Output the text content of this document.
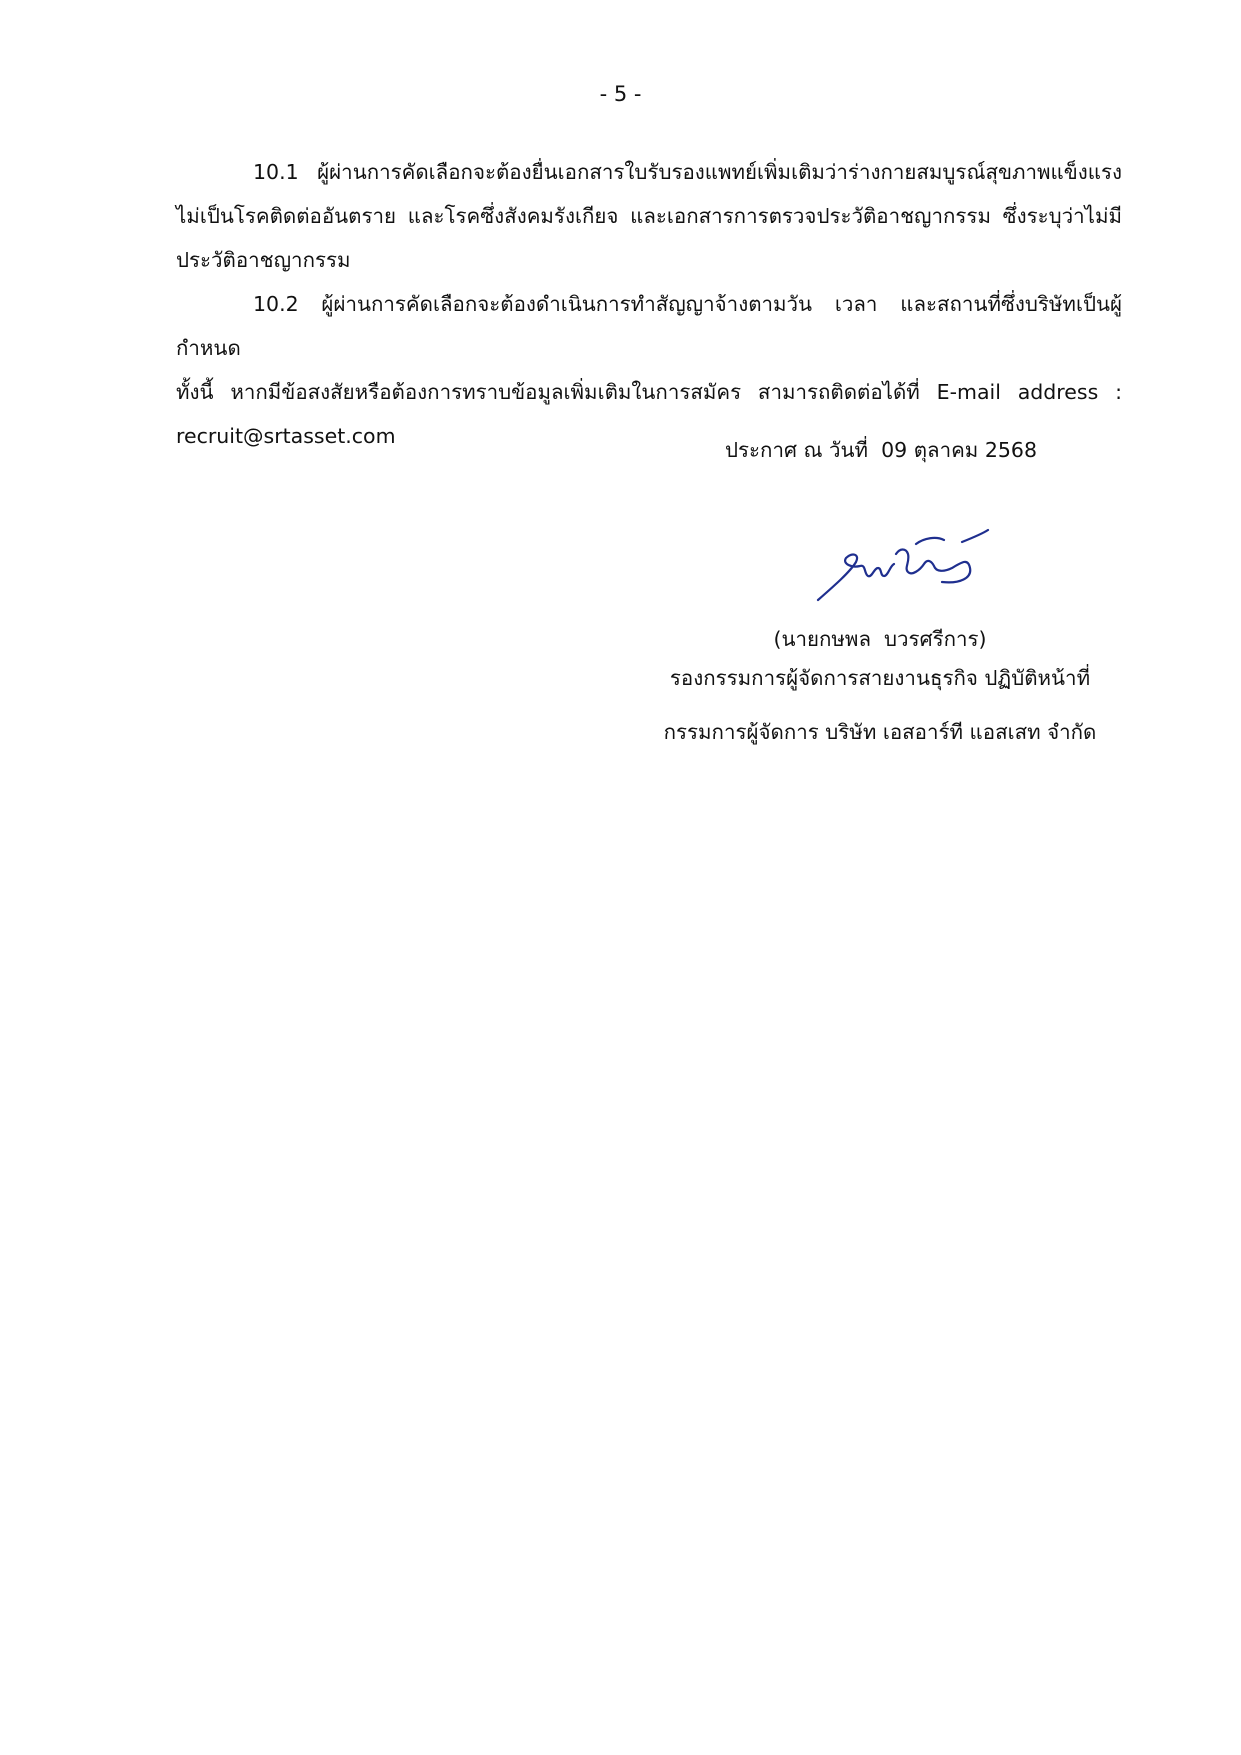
- 5 -

10.1 ผู้ผ่านการคัดเลือกจะต้องยื่นเอกสารใบรับรองแพทย์เพิ่มเติมว่าร่างกายสมบูรณ์สุขภาพแข็งแรง ไม่เป็นโรคติดต่ออันตราย และโรคซึ่งสังคมรังเกียจ และเอกสารการตรวจประวัติอาชญากรรม ซึ่งระบุว่าไม่มีประวัติอาชญากรรม

10.2 ผู้ผ่านการคัดเลือกจะต้องดำเนินการทำสัญญาจ้างตามวัน เวลา และสถานที่ซึ่งบริษัทเป็นผู้กำหนด

ทั้งนี้ หากมีข้อสงสัยหรือต้องการทราบข้อมูลเพิ่มเติมในการสมัคร สามารถติดต่อได้ที่ E-mail address : recruit@srtasset.com

ประกาศ ณ วันที่  09 ตุลาคม 2568
(นายกษพล  บวรศรีการ)
รองกรรมการผู้จัดการสายงานธุรกิจ ปฏิบัติหน้าที่
กรรมการผู้จัดการ บริษัท เอสอาร์ที แอสเสท จำกัด
